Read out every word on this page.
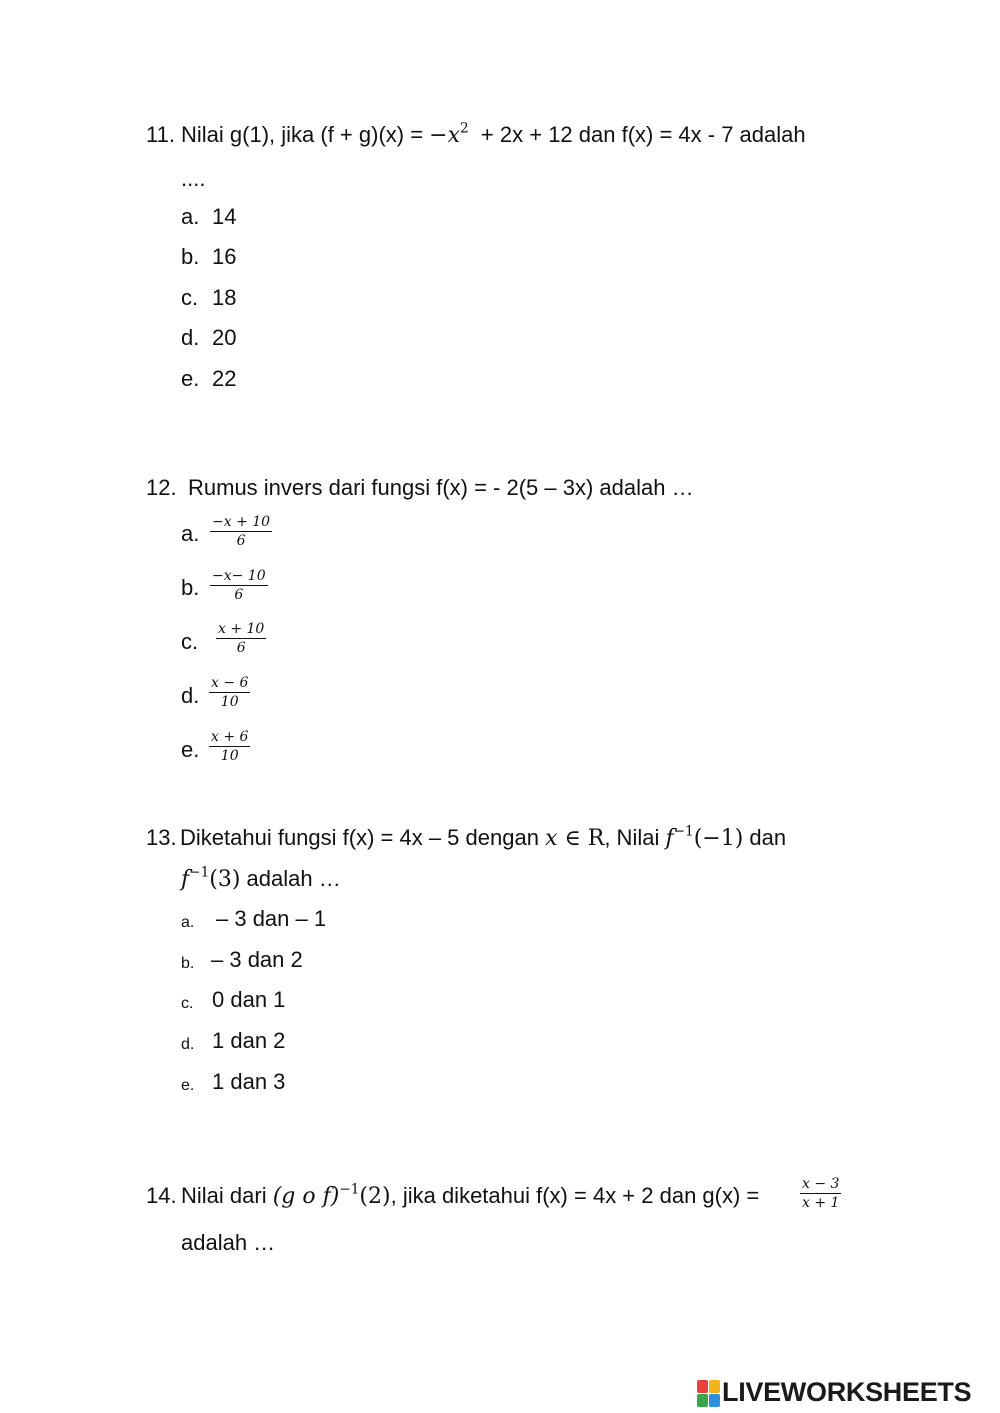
11. Nilai g(1), jika $(f + g)(x) = -x^2 + 2x + 12$ dan f(x) = 4x - 7 adalah
....
a. 14
b. 16
c. 18
d. 20
e. 22
12. Rumus invers dari fungsi f(x) = - 2(5 – 3x) adalah …
a. $\frac{-x + 10}{6}$
b. $\frac{-x- 10}{6}$
c. $\frac{x + 10}{6}$
d. $\frac{x - 6}{10}$
e. $\frac{x + 6}{10}$
13. Diketahui fungsi f(x) = 4x – 5 dengan x ∈ R, Nilai $f^{-1}(-1)$ dan
$f^{-1}(3)$ adalah …
a. – 3 dan – 1
b. – 3 dan 2
c. 0 dan 1
d. 1 dan 2
e. 1 dan 3
14. Nilai dari (g o f)$^{-1}$(2), jika diketahui f(x) = 4x + 2 dan g(x) =	$\frac{x - 3}{x + 1}$
adalah …
LIVEWORKSHEETS
